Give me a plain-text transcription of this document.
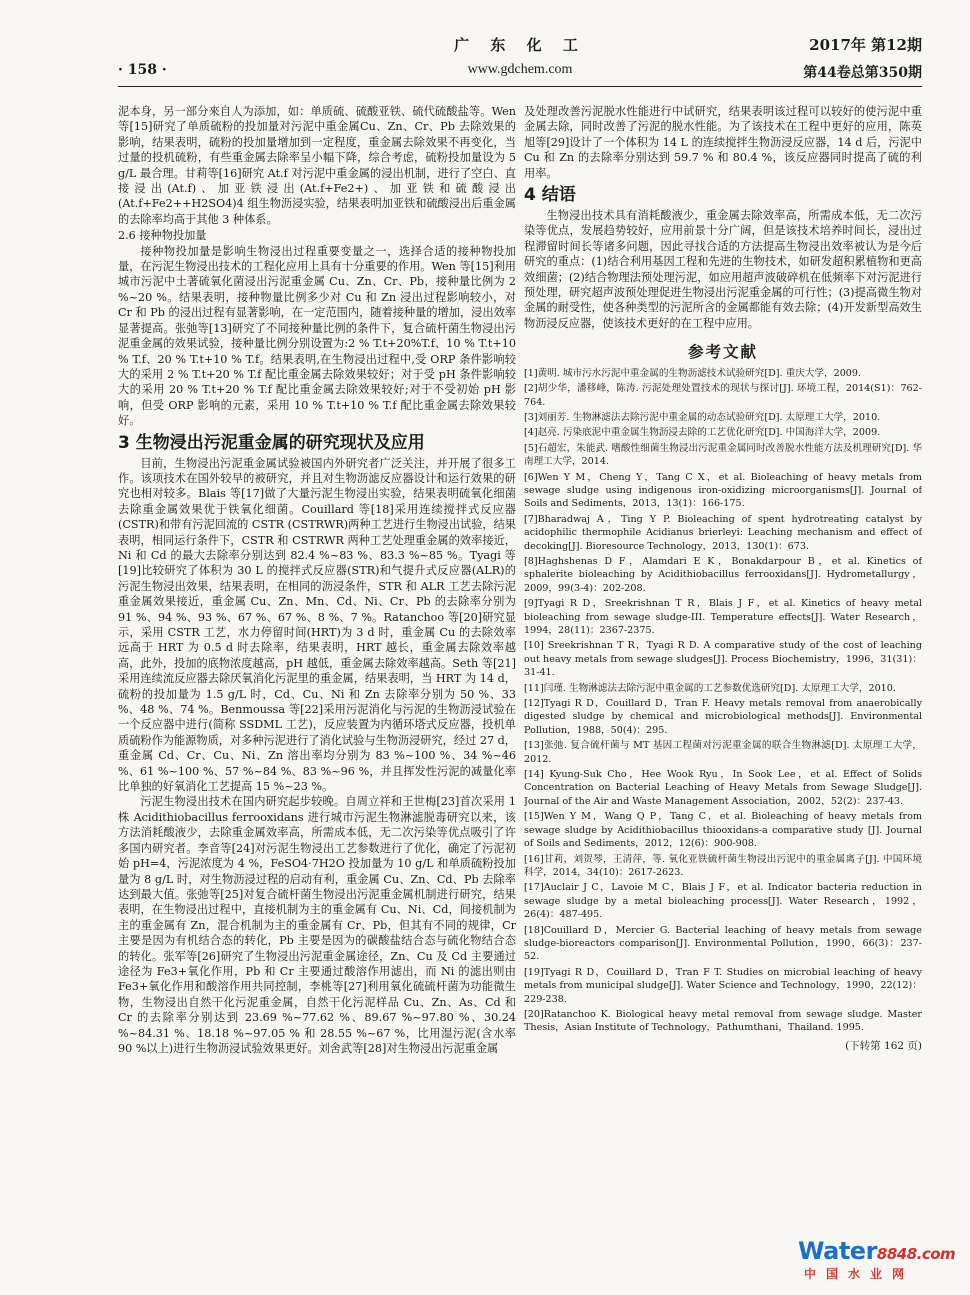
广 东 化 工	2017年 第12期
· 158 ·	www.gdchem.com	第44卷总第350期

泥本身，另一部分來自人为添加，如：单质硫、硫酸亚铁、硫代硫酸盐等。Wen 等[15]研究了单质硫粉的投加量对污泥中重金属Cu、Zn、Cr、Pb 去除效果的影响，结果表明，硫粉的投加量增加到一定程度，重金属去除效果不再变化，当过量的投机硫粉，有些重金属去除率呈小幅下降，综合考虑，硫粉投加量设为 5 g/L 最合理。甘莉等[16]研究 At.f 对污泥中重金属的浸出机制，进行了空白、直接浸出(At.f)、加亚铁浸出(At.f+Fe2+)、加亚铁和硫酸浸出(At.f+Fe2++H2SO4)4 组生物沥浸实验，结果表明加亚铁和硫酸浸出后重金属的去除率均高于其他 3 种体系。

2.6 接种物投加量

接种物投加量是影响生物浸出过程重要变量之一，选择合适的接种物投加量，在污泥生物浸出技术的工程化应用上具有十分重要的作用。Wen 等[15]利用城市污泥中土著硫氧化菌浸出污泥重金属 Cu、Zn、Cr、Pb，接种量比例为 2 %~20 %。结果表明，接种物量比例多少对 Cu 和 Zn 浸出过程影响较小，对 Cr 和 Pb 的浸出过程有显著影响，在一定范围内，随着接种量的增加，浸出效率显著提高。张弛等[13]研究了不同接种量比例的条件下，复合硫杆菌生物浸出污泥重金属的效果试验，接种量比例分别设置为:2 % T.t+20%T.f、10 % T.t+10 % T.f、20 % T.t+10 % T.f。结果表明,在生物浸出过程中,受 ORP 条件影响较大的采用 2 % T.t+20 % T.f 配比重金属去除效果较好；对于受 pH 条件影响较大的采用 20 % T.t+20 % T.f 配比重金属去除效果较好;对于不受初始 pH 影响，但受 ORP 影响的元素，采用 10 % T.t+10 % T.f 配比重金属去除效果较好。

3 生物浸出污泥重金属的研究现状及应用

目前，生物浸出污泥重金属试验被国内外研究者广泛关注，并开展了很多工作。该项技术在国外较早的被研究，并且对生物沥滤反应器设计和运行效果的研究也相对较多。Blais 等[17]做了大量污泥生物浸出实验，结果表明硫氧化细菌去除重金属效果优于铁氧化细菌。Couillard 等[18]采用连续搅拌式反应器(CSTR)和带有污泥回流的 CSTR (CSTRWR)两种工艺进行生物浸出试验，结果表明，相同运行条件下，CSTR 和 CSTRWR 两种工艺处理重金属的效率接近，Ni 和 Cd 的最大去除率分别达到 82.4 %~83 %、83.3 %~85 %。Tyagi 等[19]比较研究了体积为 30 L 的搅拌式反应器(STR)和气提升式反应器(ALR)的污泥生物浸出效果，结果表明，在相同的沥浸条件，STR 和 ALR 工艺去除污泥重金属效果接近，重金属 Cu、Zn、Mn、Cd、Ni、Cr、Pb 的去除率分别为 91 %、94 %、93 %、67 %、67 %、8 %、7 %。Ratanchoo 等[20]研究显示，采用 CSTR 工艺，水力停留时间(HRT)为 3 d 时，重金属 Cu 的去除效率远高于 HRT 为 0.5 d 时去除率，结果表明，HRT 越长，重金属去除效率越高，此外，投加的底物浓度越高，pH 越低，重金属去除效率越高。Seth 等[21] 采用连续流反应器去除厌氧消化污泥里的重金属，结果表明，当 HRT 为 14 d，硫粉的投加量为 1.5 g/L 时，Cd、Cu、Ni 和 Zn 去除率分别为 50 %、33 %、48 %、74 %。Benmoussa 等[22]采用污泥消化与污泥的生物沥浸试验在一个反应器中进行(简称 SSDML 工艺)，反应装置为内循环塔式反应器，投机单质硫粉作为能源物质，对多种污泥进行了消化试验与生物沥浸研究，经过 27 d，重金属 Cd、Cr、Cu、Ni、Zn 溶出率均分别为 83 %~100 %、34 %~46 %、61 %~100 %、57 %~84 %、83 %~96 %，并且挥发性污泥的减量化率比单独的好氧消化工艺提高 15 %~23 %。

污泥生物浸出技术在国内研究起步较晚。自周立祥和王世梅[23]首次采用 1 株 Acidithiobacillus ferrooxidans 进行城市污泥生物淋滤脱毒研究以来，该方法消耗酸液少，去除重金属效率高，所需成本低，无二次污染等优点吸引了许多国内研究者。李音等[24]对污泥生物浸出工艺参数进行了优化，确定了污泥初始 pH=4，污泥浓度为 4 %，FeSO4·7H2O 投加量为 10 g/L 和单质硫粉投加量为 8 g/L 时，对生物沥浸过程的启动有利，重金属 Cu、Zn、Cd、Pb 去除率达到最大值。张弛等[25]对复合硫杆菌生物浸出污泥重金属机制进行研究，结果表明，在生物浸出过程中，直接机制为主的重金属有 Cu、Ni、Cd，间接机制为主的重金属有 Zn，混合机制为主的重金属有 Cr、Pb，但其有不同的规律，Cr 主要是因为有机结合态的转化，Pb 主要是因为的碳酸盐结合态与硫化物结合态的转化。张军等[26]研究了生物浸出污泥重金属途径，Zn、Cu 及 Cd 主要通过途径为 Fe3+氧化作用，Pb 和 Cr 主要通过酸溶作用滤出，而 Ni 的滤出则由 Fe3+氧化作用和酸溶作用共同控制，李桃等[27]利用氧化硫硫杆菌为功能微生物，生物浸出自然干化污泥重金属，自然干化污泥样品 Cu、Zn、As、Cd 和 Cr 的去除率分别达到 23.69 %~77.62 %、89.67 %~97.80 %、30.24 %~84.31 %、18.18 %~97.05 % 和 28.55 %~67 %，比用湿污泥(含水率 90 %以上)进行生物沥浸试验效果更好。刘舍武等[28]对生物浸出污泥重金属

及处理改善污泥脱水性能进行中试研究，结果表明该过程可以较好的使污泥中重金属去除，同时改善了污泥的脱水性能。为了该技术在工程中更好的应用，陈英旭等[29]设计了一个体积为 14 L 的连续搅拌生物沥浸反应器，14 d 后，污泥中 Cu 和 Zn 的去除率分别达到 59.7 % 和 80.4 %，该反应器同时提高了硫的利用率。

4 结语

生物浸出技术具有消耗酸液少，重金属去除效率高，所需成本低，无二次污染等优点，发展趋势较好，应用前景十分广阔，但是该技术培养时间长，浸出过程滞留时间长等诸多问题，因此寻找合适的方法提高生物浸出效率被认为是今后研究的重点：(1)结合利用基因工程和先进的生物技术，如研发超积累植物和更高效细菌；(2)结合物理法预处理污泥，如应用超声波破碎机在低频率下对污泥进行预处理，研究超声波预处理促进生物浸出污泥重金属的可行性；(3)提高微生物对金属的耐受性，使各种类型的污泥所含的金属都能有效去除；(4)开发新型高效生物沥浸反应器，使该技术更好的在工程中应用。

参考文献

[1]黄明. 城市污水污泥中重金属的生物沥滤技术试验研究[D]. 重庆大学，2009.

[2]胡少华，潘移峰，陈涛. 污泥处理处置技术的现状与探讨[J]. 环境工程，2014(S1)：762-764.

[3]刘丽芳. 生物淋滤法去除污泥中重金属的动态试验研究[D]. 太原理工大学，2010.

[4]赵亮. 污染底泥中重金属生物沥浸去除的工艺优化研究[D]. 中国海洋大学，2009.

[5]石超宏，朱能武. 嗜酸性细菌生物浸出污泥重金属同时改善脱水性能方法及机理研究[D]. 华南理工大学，2014.

[6]Wen Y M，Cheng Y，Tang C X，et al. Bioleaching of heavy metals from sewage sludge using indigenous iron-oxidizing microorganisms[J]. Journal of Soils and Sediments，2013，13(1)：166-175.

[7]Bharadwaj A，Ting Y P. Bioleaching of spent hydrotreating catalyst by acidophilic thermophile Acidianus brierleyi: Leaching mechanism and effect of decoking[J]. Bioresource Technology，2013，130(1)：673.

[8]Haghshenas D F，Alamdari E K，Bonakdarpour B，et al. Kinetics of sphalerite bioleaching by Acidithiobacillus ferrooxidans[J]. Hydrometallurgy，2009，99(3-4)：202-208.

[9]Tyagi R D，Sreekrishnan T R，Blais J F，et al. Kinetics of heavy metal bioleaching from sewage sludge-III. Temperature effects[J]. Water Research，1994，28(11)：2367-2375.

[10] Sreekrishnan T R，Tyagi R D. A comparative study of the cost of leaching out heavy metals from sewage sludges[J]. Process Biochemistry，1996，31(31)：31-41.

[11]闫瑾. 生物淋滤法去除污泥中重金属的工艺参数优选研究[D]. 太原理工大学，2010.

[12]Tyagi R D，Couillard D，Tran F. Heavy metals removal from anaerobically digested sludge by chemical and microbiological methods[J]. Environmental Pollution，1988，50(4)：295.

[13]张弛. 复合硫杆菌与 MT 基因工程菌对污泥重金属的联合生物淋滤[D]. 太原理工大学，2012.

[14] Kyung-Suk Cho，Hee Wook Ryu，In Sook Lee，et al. Effect of Solids Concentration on Bacterial Leaching of Heavy Metals from Sewage Sludge[J]. Journal of the Air and Waste Management Association，2002，52(2)：237-43.

[15]Wen Y M，Wang Q P，Tang C，et al. Bioleaching of heavy metals from sewage sludge by Acidithiobacillus thiooxidans-a comparative study [J]. Journal of Soils and Sediments，2012，12(6)：900-908.

[16]甘莉，刘贺琴，王清萍，等. 氧化亚铁硫杆菌生物浸出污泥中的重金属离子[J]. 中国环境科学，2014，34(10)：2617-2623.

[17]Auclair J C，Lavoie M C，Blais J F，et al. Indicator bacteria reduction in sewage sludge by a metal bioleaching process[J]. Water Research，1992，26(4)：487-495.

[18]Couillard D，Mercier G. Bacterial leaching of heavy metals from sewage sludge-bioreactors comparison[J]. Environmental Pollution，1990，66(3)：237-52.

[19]Tyagi R D，Couillard D，Tran F T. Studies on microbial leaching of heavy metals from municipal sludge[J]. Water Science and Technology，1990，22(12)：229-238.

[20]Ratanchoo K. Biological heavy metal removal from sewage sludge. Master Thesis，Asian Institute of Technology，Pathumthani，Thailand. 1995.

(下转第 162 页)
Water8848.com
中国水业网
